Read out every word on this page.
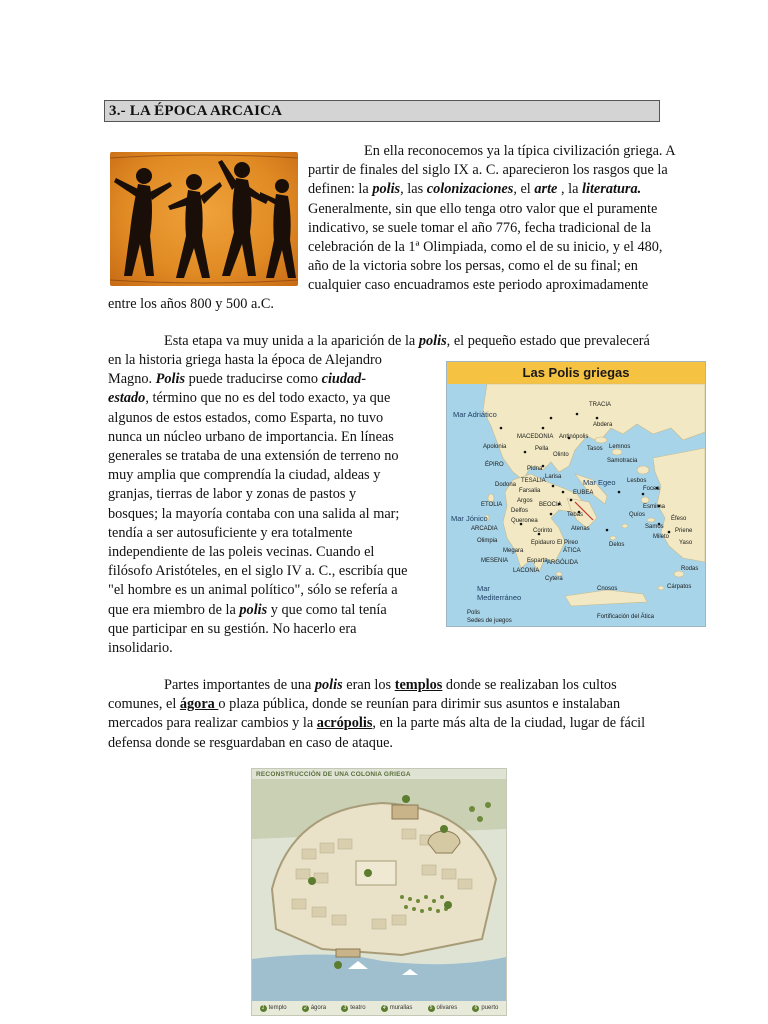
3.- LA ÉPOCA ARCAICA
En ella reconocemos ya la típica civilización griega. A
partir de finales del siglo IX a. C. aparecieron los rasgos que la
definen: la polis, las colonizaciones, el arte , la literatura.
Generalmente, sin que ello tenga otro valor que el puramente
indicativo, se suele tomar el año 776, fecha tradicional de la
celebración de la 1ª Olimpiada, como el de su inicio, y el 480,
año de la victoria sobre los persas, como el de su final; en
cualquier caso encuadramos este periodo aproximadamente
entre los años 800 y 500 a.C.
Esta etapa va muy unida a la aparición de la polis, el pequeño estado que prevalecerá
en la historia griega hasta la época de Alejandro
Magno. Polis puede traducirse como ciudad-
estado, término que no es del todo exacto, ya que
algunos de estos estados, como Esparta, no tuvo
nunca un núcleo urbano de importancia. En líneas
generales se trataba de una extensión de terreno no
muy amplia que comprendía la ciudad, aldeas y
granjas, tierras de labor y zonas de pastos y
bosques; la mayoría contaba con una salida al mar;
tendía a ser autosuficiente y era totalmente
independiente de las poleis vecinas. Cuando el
filósofo Aristóteles, en el siglo IV a. C., escribía que
"el hombre es un animal político", sólo se refería a
que era miembro de la polis y que como tal tenía
que participar en su gestión. No hacerlo era
insolidario.
Las Polis griegas
Mar Adriático
TRACIA
MACEDONIA
Abdera
Antinópolis
Pella
Olinto
Tasos
Samotracia
Apolonia
ÉPIRO
Pidna
Lemnos
TESALIA
Dodona
Larisa
Mar Egeo
Farsalia
Argos
EUBEA
Lesbos
ETOLIA	BEOCIA
Delfos
Focea
Mar Jónico	Queronea
Tebas
Esmirna
ARCADIA
Olimpia
Corinto	Atenas
Quíos
Éfeso
Samos
Megara
Epidauro El Pireo	Delos
Mileto
Priene
Yaso
MESENIA	Esparta
ÁTICA
ARGÓLIDA
LACONIA	Rodas
Cytera
Mar Mediterráneo
Cnosos	Cárpatos
Polis
Sedes de juegos
Fortificación del Ática
Partes importantes de una polis eran los templos donde se realizaban los cultos
comunes, el ágora o plaza pública, donde se reunían para dirimir sus asuntos e instalaban
mercados para realizar cambios y la acrópolis, en la parte más alta de la ciudad, lugar de fácil
defensa donde se resguardaban en caso de ataque.
RECONSTRUCCIÓN DE UNA COLONIA GRIEGA
1 templo	2 ágora	3 teatro	4 murallas	5 olivares	6 puerto
